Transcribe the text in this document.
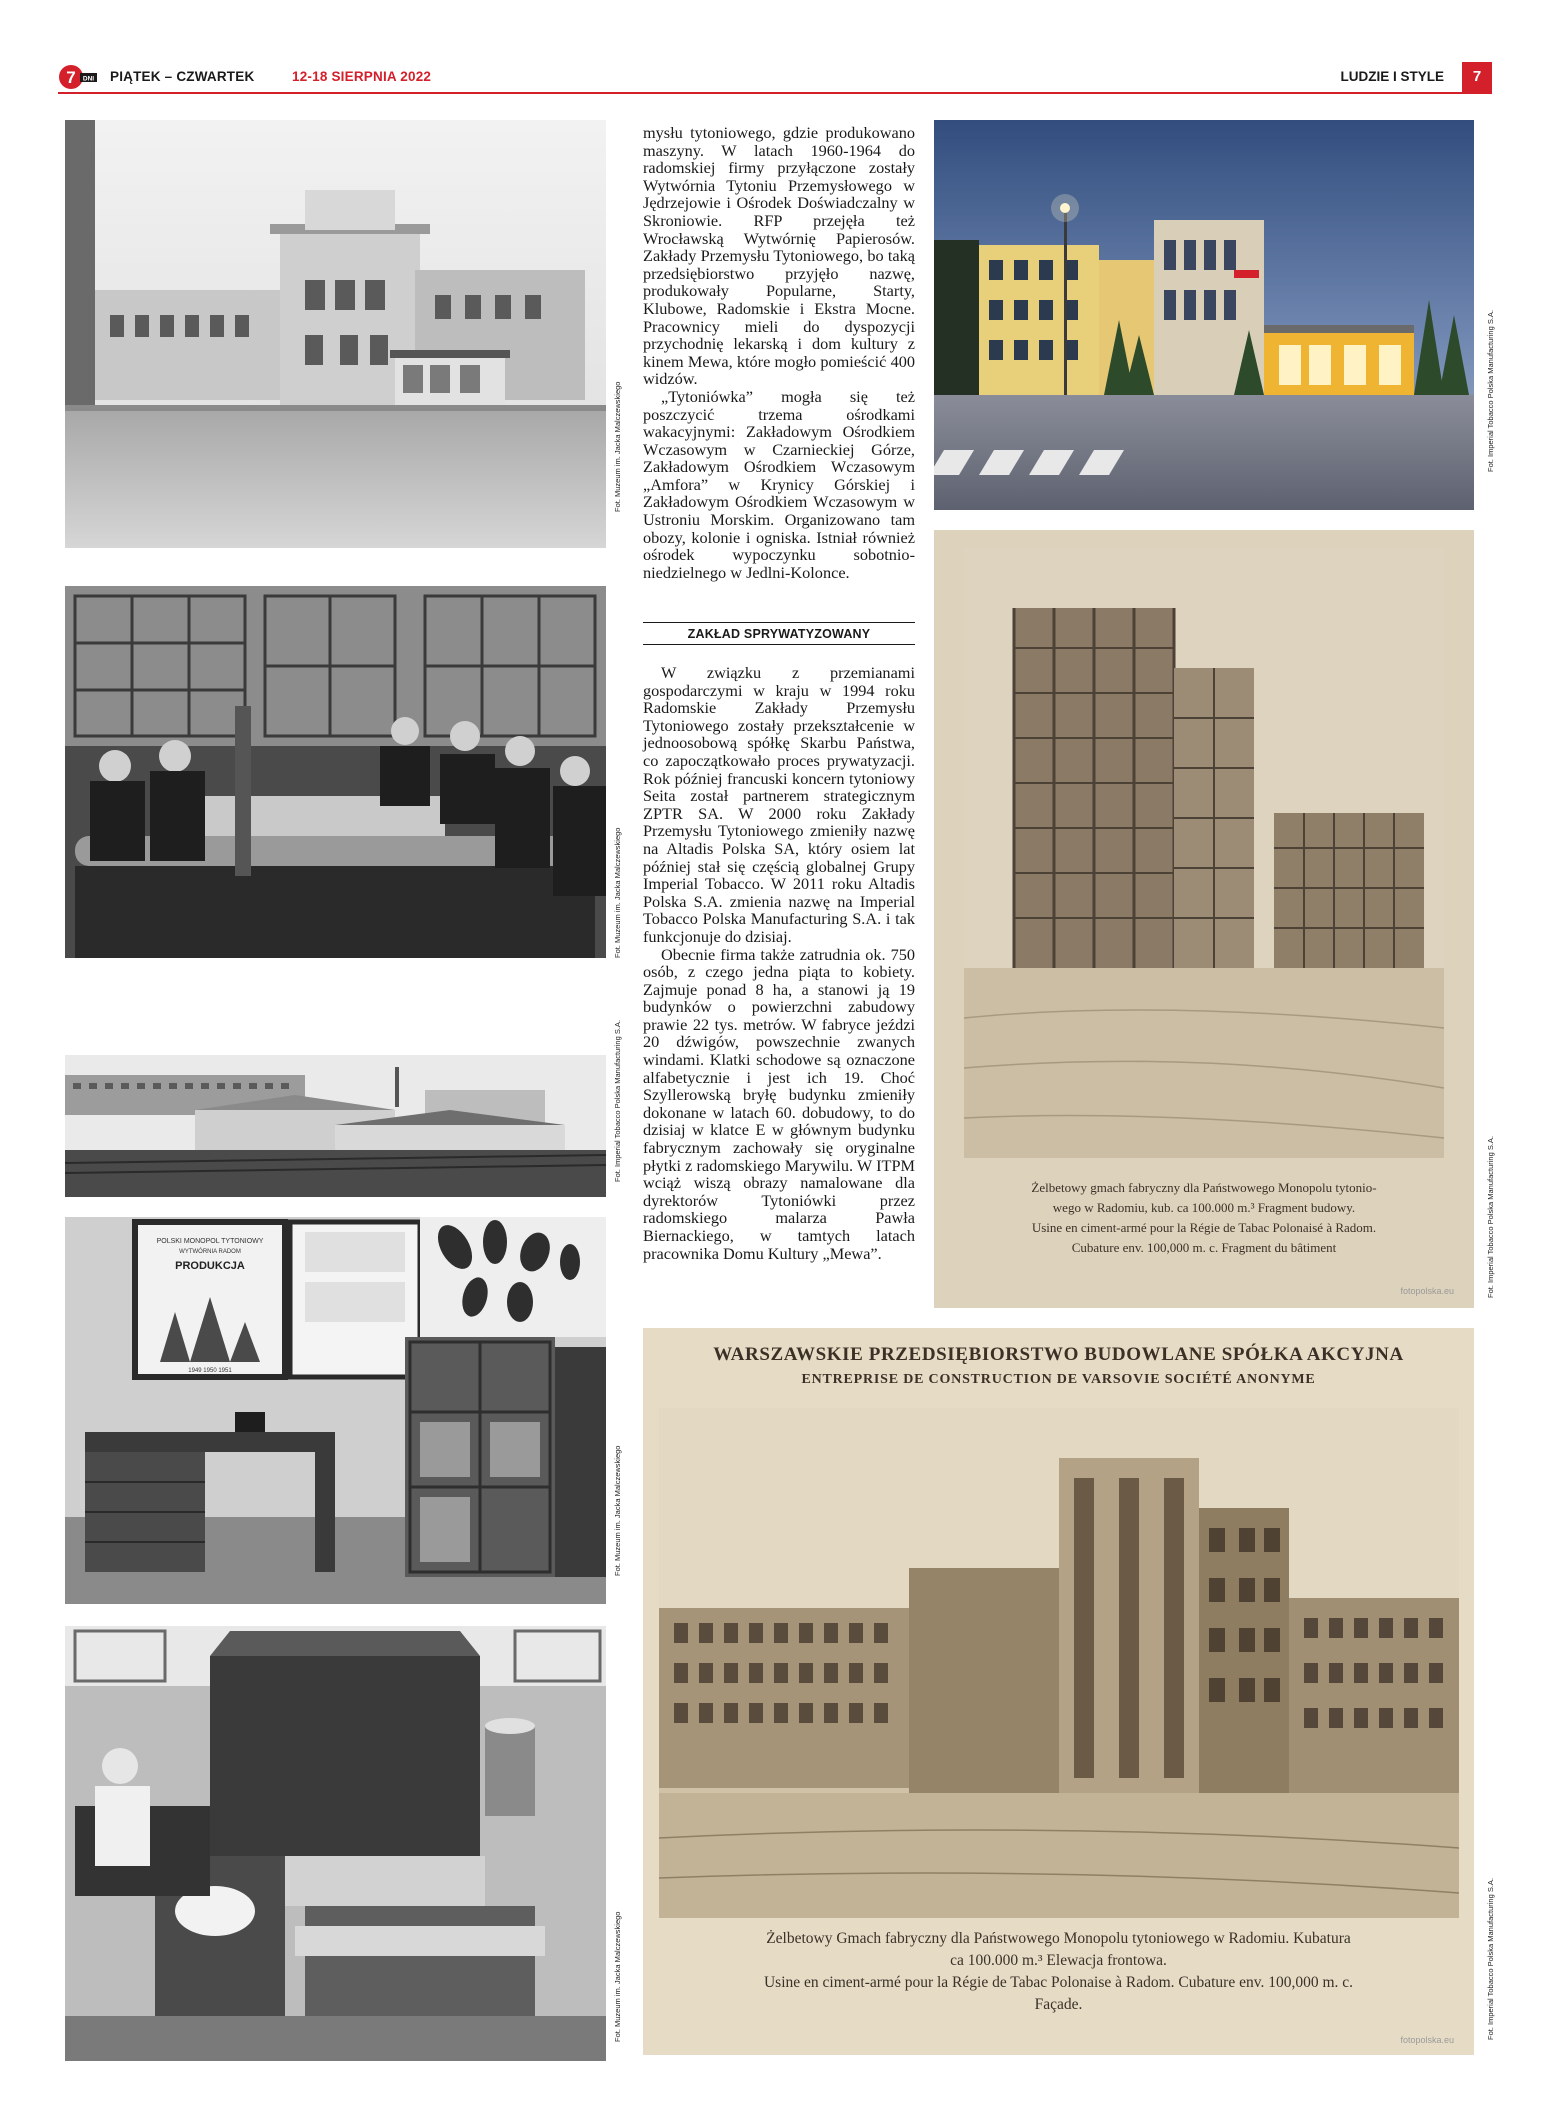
7 DNI PIĄTEK – CZWARTEK	12-18 SIERPNIA 2022	LUDZIE I STYLE	7
Fot. Muzeum im. Jacka Malczewskiego
Fot. Muzeum im. Jacka Malczewskiego
Fot. Imperial Tobacco Polska Manufacturing S.A.
POLSKI MONOPOL TYTONIOWY
WYTWÓRNIA RADOM
PRODUKCJA
1949 1950 1951
Fot. Muzeum im. Jacka Malczewskiego
Fot. Muzeum im. Jacka Malczewskiego

mysłu tytoniowego, gdzie produkowano maszyny. W latach 1960-1964 do radomskiej firmy przyłączone zostały Wytwórnia Tytoniu Przemysłowego w Jędrzejowie i Ośrodek Doświadczalny w Skroniowie. RFP przejęła też Wrocławską Wytwórnię Papierosów. Zakłady Przemysłu Tytoniowego, bo taką przedsiębiorstwo przyjęło nazwę, produkowały Popularne, Starty, Klubowe, Radomskie i Ekstra Mocne. Pracownicy mieli do dyspozycji przychodnię lekarską i dom kultury z kinem Mewa, które mogło pomieścić 400 widzów.

„Tytoniówka” mogła się też poszczycić trzema ośrodkami wakacyjnymi: Zakładowym Ośrodkiem Wczasowym w Czarnieckiej Górze, Zakładowym Ośrodkiem Wczasowym „Amfora” w Krynicy Górskiej i Zakładowym Ośrodkiem Wczasowym w Ustroniu Morskim. Organizowano tam obozy, kolonie i ogniska. Istniał również ośrodek wypoczynku sobotnio-niedzielnego w Jedlni-Kolonce.

ZAKŁAD SPRYWATYZOWANY

W związku z przemianami gospodarczymi w kraju w 1994 roku Radomskie Zakłady Przemysłu Tytoniowego zostały przekształcenie w jednoosobową spółkę Skarbu Państwa, co zapoczątkowało proces prywatyzacji. Rok później francuski koncern tytoniowy Seita został partnerem strategicznym ZPTR SA. W 2000 roku Zakłady Przemysłu Tytoniowego zmieniły nazwę na Altadis Polska SA, który osiem lat później stał się częścią globalnej Grupy Imperial Tobacco. W 2011 roku Altadis Polska S.A. zmienia nazwę na Imperial Tobacco Polska Manufacturing S.A. i tak funkcjonuje do dzisiaj.

Obecnie firma także zatrudnia ok. 750 osób, z czego jedna piąta to kobiety. Zajmuje ponad 8 ha, a stanowi ją 19 budynków o powierzchni zabudowy prawie 22 tys. metrów. W fabryce jeździ 20 dźwigów, powszechnie zwanych windami. Klatki schodowe są oznaczone alfabetycznie i jest ich 19. Choć Szyllerowską bryłę budynku zmieniły dokonane w latach 60. dobudowy, to do dzisiaj w klatce E w głównym budynku fabrycznym zachowały się oryginalne płytki z radomskiego Marywilu. W ITPM wciąż wiszą obrazy namalowane dla dyrektorów Tytoniówki przez radomskiego malarza Pawła Biernackiego, w tamtych latach pracownika Domu Kultury „Mewa”.

Fot. Imperial Tobacco Polska Manufacturing S.A.
Żelbetowy gmach fabryczny dla Państwowego Monopolu tytonio-
wego w Radomiu, kub. ca 100.000 m.³ Fragment budowy.
Usine en ciment-armé pour la Régie de Tabac Polonaisé à Radom.
Cubature env. 100,000 m. c. Fragment du bâtiment
fotopolska.eu	Fot. Imperial Tobacco Polska Manufacturing S.A.
WARSZAWSKIE PRZEDSIĘBIORSTWO BUDOWLANE SPÓŁKA AKCYJNA
ENTREPRISE DE CONSTRUCTION DE VARSOVIE SOCIÉTÉ ANONYME
Żelbetowy Gmach fabryczny dla Państwowego Monopolu tytoniowego w Radomiu. Kubatura
ca 100.000 m.³ Elewacja frontowa.
Usine en ciment-armé pour la Régie de Tabac Polonaise à Radom. Cubature env. 100,000 m. c.
Façade.
fotopolska.eu	Fot. Imperial Tobacco Polska Manufacturing S.A.
